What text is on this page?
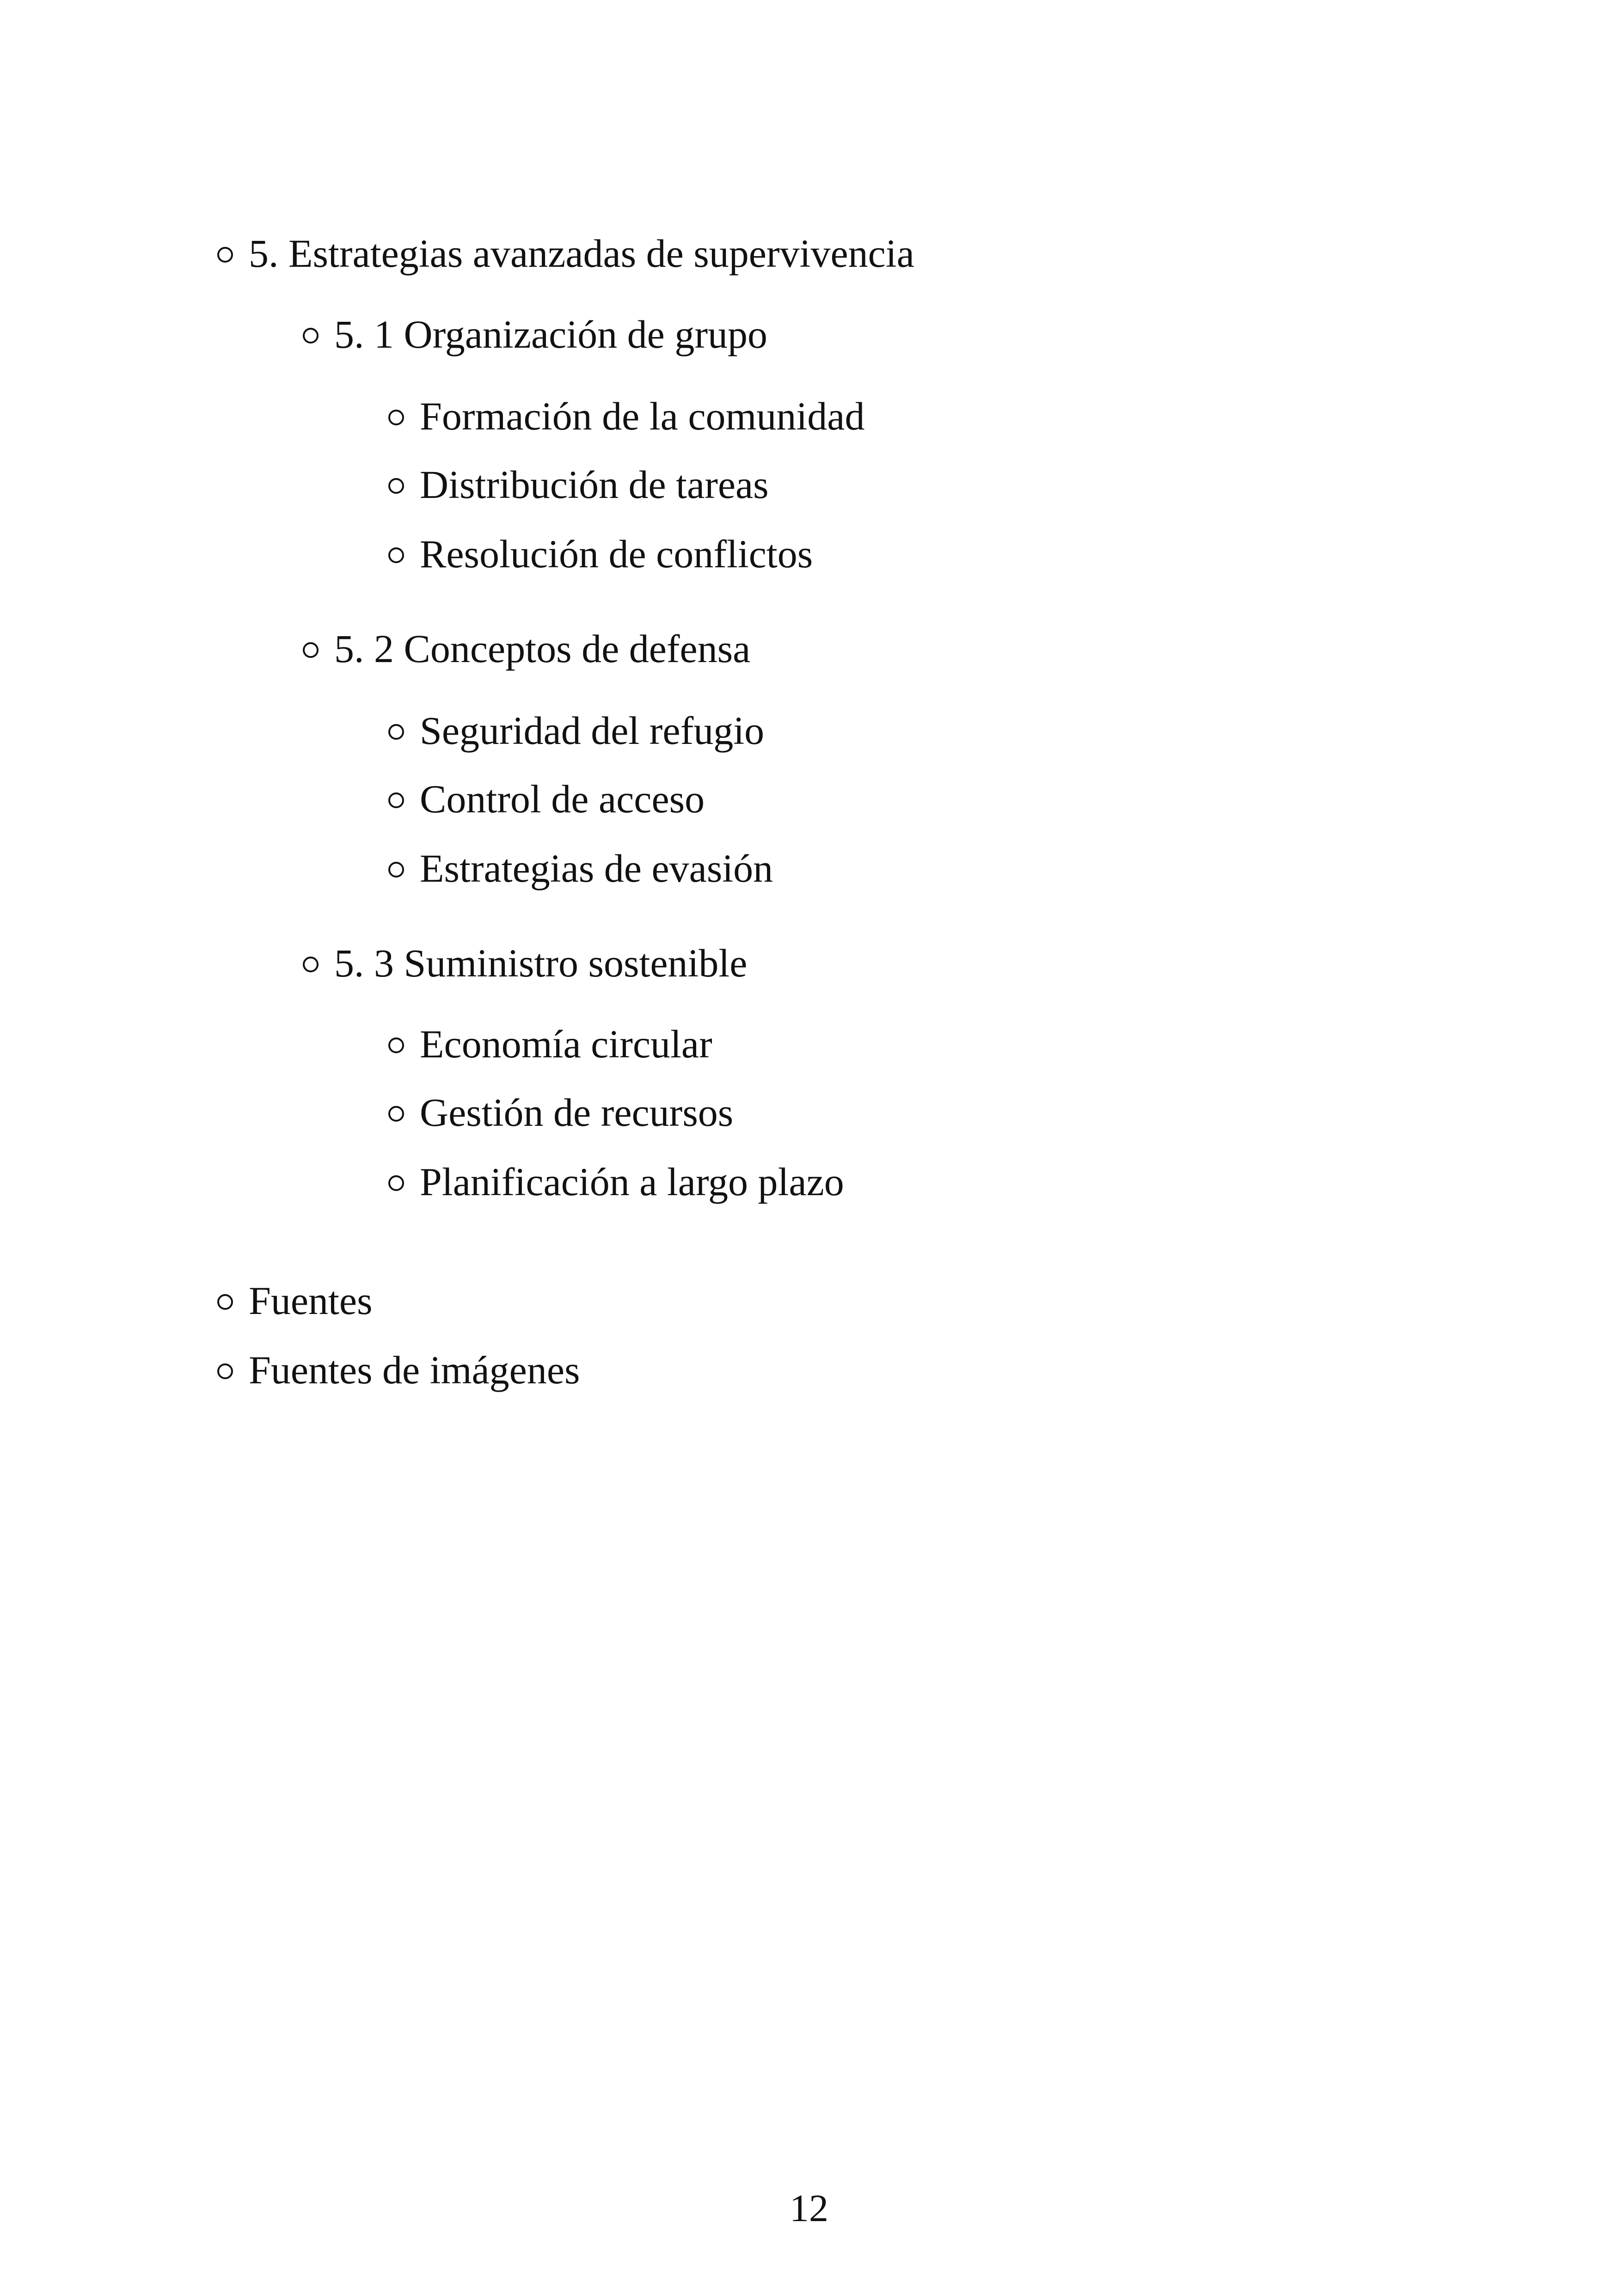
5. Estrategias avanzadas de supervivencia
5. 1 Organización de grupo
Formación de la comunidad
Distribución de tareas
Resolución de conflictos
5. 2 Conceptos de defensa
Seguridad del refugio
Control de acceso
Estrategias de evasión
5. 3 Suministro sostenible
Economía circular
Gestión de recursos
Planificación a largo plazo
Fuentes
Fuentes de imágenes
12
